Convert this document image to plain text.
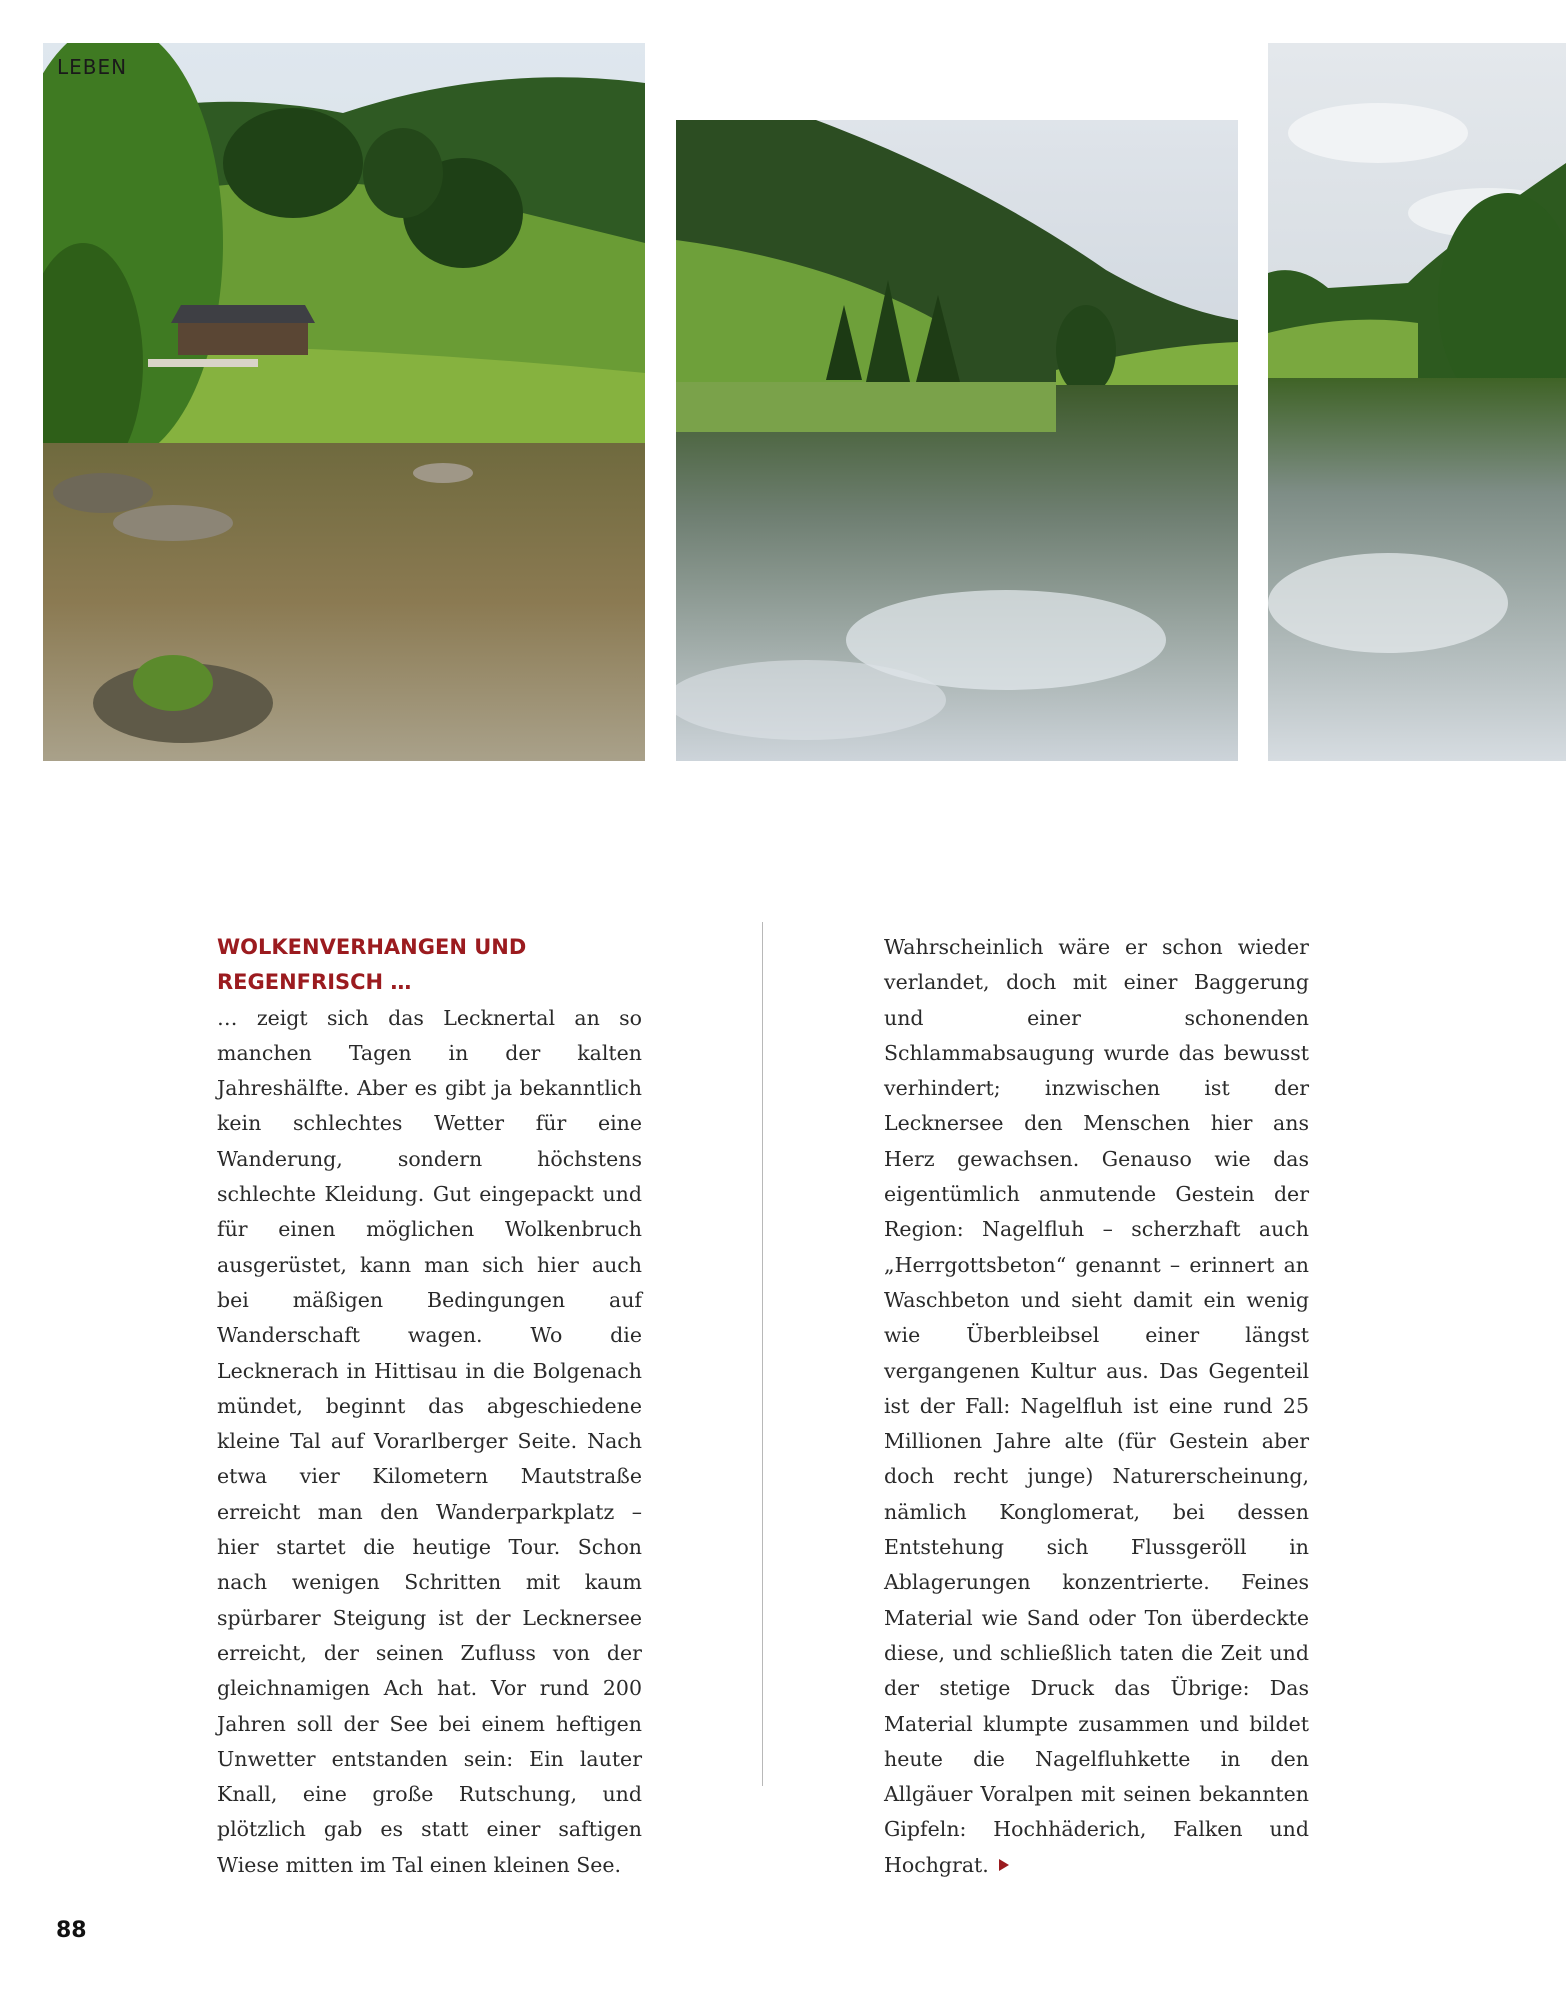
LEBEN
WOLKENVERHANGEN UND
REGENFRISCH …

… zeigt sich das Lecknertal an so manchen Tagen in der kalten Jahreshälfte. Aber es gibt ja bekanntlich kein schlechtes Wetter für eine Wanderung, sondern höchstens schlechte Kleidung. Gut eingepackt und für einen möglichen Wolkenbruch ausgerüstet, kann man sich hier auch bei mäßigen Bedingungen auf Wanderschaft wagen. Wo die Lecknerach in Hittisau in die Bolgenach mündet, beginnt das abgeschiedene kleine Tal auf Vorarlberger Seite. Nach etwa vier Kilometern Mautstraße erreicht man den Wanderparkplatz – hier startet die heutige Tour. Schon nach wenigen Schritten mit kaum spürbarer Steigung ist der Lecknersee erreicht, der seinen Zufluss von der gleichnamigen Ach hat. Vor rund 200 Jahren soll der See bei einem heftigen Unwetter entstanden sein: Ein lauter Knall, eine große Rutschung, und plötzlich gab es statt einer saftigen Wiese mitten im Tal einen kleinen See.

Wahrscheinlich wäre er schon wieder verlandet, doch mit einer Baggerung und einer schonenden Schlammabsaugung wurde das bewusst verhindert; inzwischen ist der Lecknersee den Menschen hier ans Herz gewachsen. Genauso wie das eigentümlich anmutende Gestein der Region: Nagelfluh – scherzhaft auch „Herrgottsbeton“ genannt – erinnert an Waschbeton und sieht damit ein wenig wie Überbleibsel einer längst vergangenen Kultur aus. Das Gegenteil ist der Fall: Nagelfluh ist eine rund 25 Millionen Jahre alte (für Gestein aber doch recht junge) Naturerscheinung, nämlich Konglomerat, bei dessen Entstehung sich Flussgeröll in Ablagerungen konzentrierte. Feines Material wie Sand oder Ton überdeckte diese, und schließlich taten die Zeit und der stetige Druck das Übrige: Das Material klumpte zusammen und bildet heute die Nagelfluhkette in den Allgäuer Voralpen mit seinen bekannten Gipfeln: Hochhäderich, Falken und Hochgrat.

88
